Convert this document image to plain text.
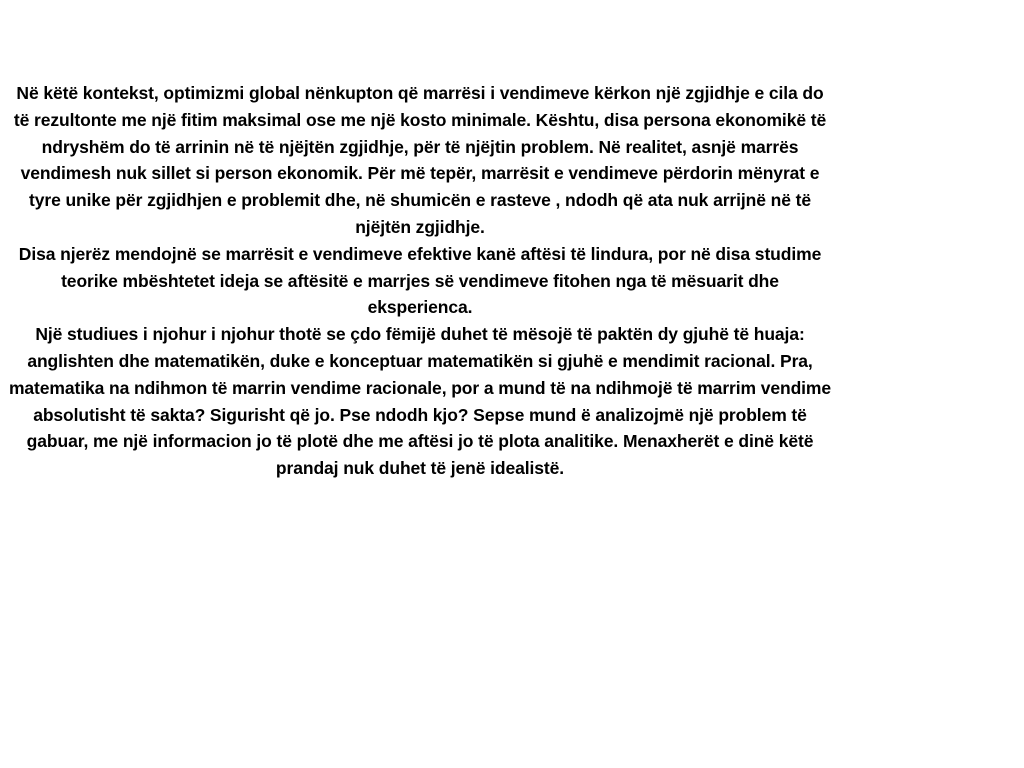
Në këtë kontekst, optimizmi global nënkupton që marrësi i vendimeve kërkon një zgjidhje e cila do të rezultonte me një fitim maksimal ose me një kosto minimale. Kështu, disa persona ekonomikë të ndryshëm do të arrinin në të njëjtën zgjidhje, për të njëjtin problem. Në realitet, asnjë marrës vendimesh nuk sillet si person ekonomik. Për më tepër, marrësit e vendimeve përdorin mënyrat e tyre unike për zgjidhjen e problemit dhe, në shumicën e rasteve , ndodh që ata nuk arrijnë në të njëjtën zgjidhje.

Disa njerëz mendojnë se marrësit e vendimeve efektive kanë aftësi të lindura, por në disa studime teorike mbështetet ideja se aftësitë e marrjes së vendimeve fitohen nga të mësuarit dhe eksperienca.

Një studiues i njohur i njohur thotë se çdo fëmijë duhet të mësojë të paktën dy gjuhë të huaja: anglishten dhe matematikën, duke e konceptuar matematikën si gjuhë e mendimit racional. Pra, matematika na ndihmon të marrin vendime racionale, por a mund të na ndihmojë të marrim vendime absolutisht të sakta? Sigurisht që jo. Pse ndodh kjo? Sepse mund ë analizojmë një problem të gabuar, me një informacion jo të plotë dhe me aftësi jo të plota analitike. Menaxherët e dinë këtë prandaj nuk duhet të jenë idealistë.
